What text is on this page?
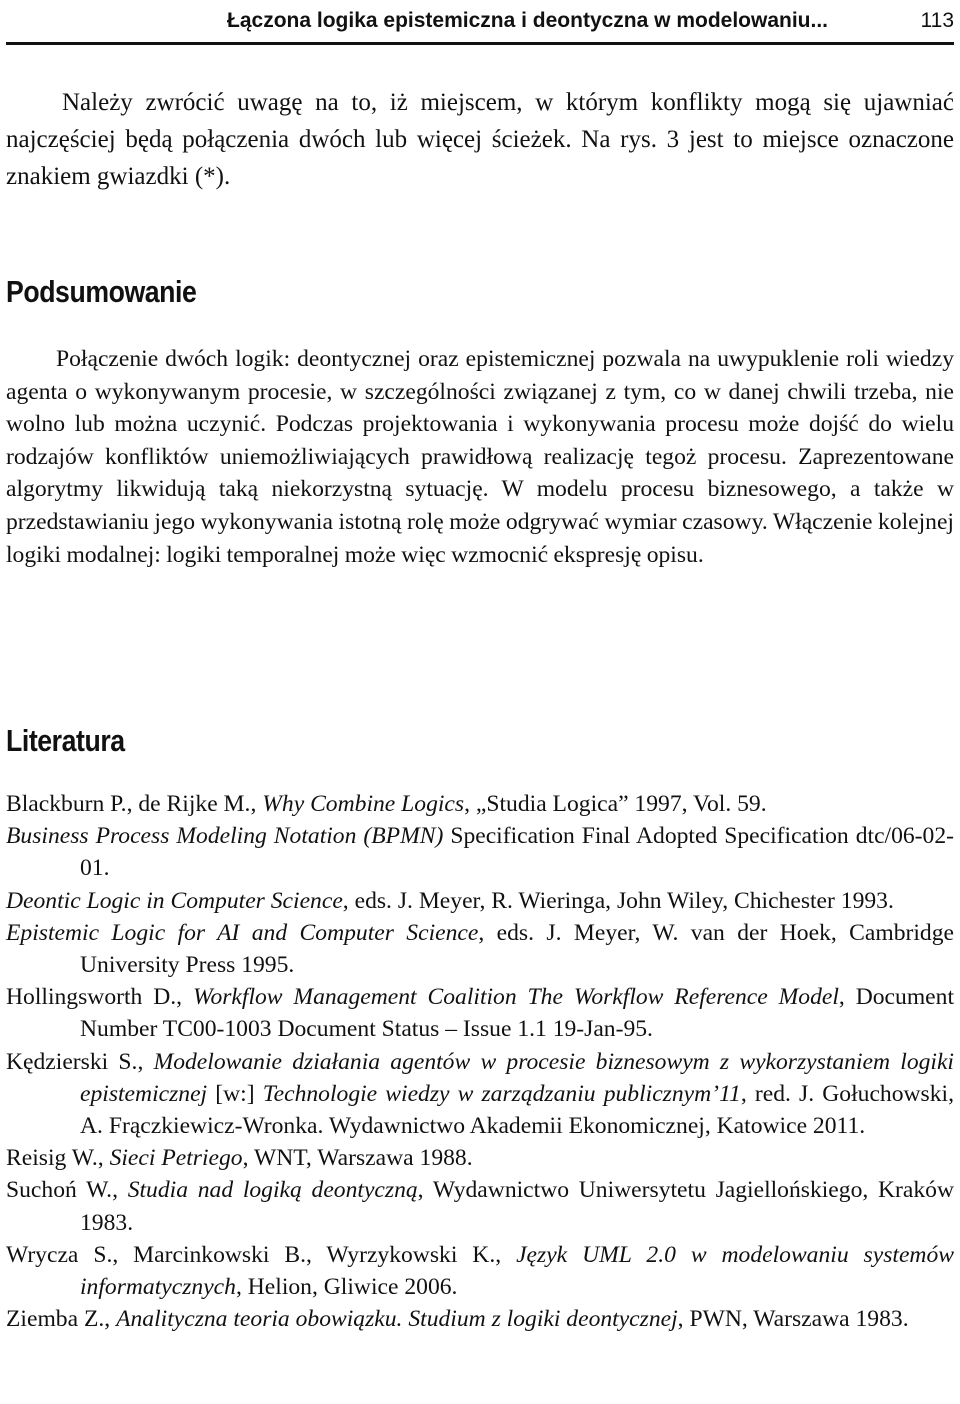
Łączona logika epistemiczna i deontyczna w modelowaniu...	113

Należy zwrócić uwagę na to, iż miejscem, w którym konflikty mogą się ujawniać najczęściej będą połączenia dwóch lub więcej ścieżek. Na rys. 3 jest to miejsce oznaczone znakiem gwiazdki (*).

Podsumowanie

Połączenie dwóch logik: deontycznej oraz epistemicznej pozwala na uwypuklenie roli wiedzy agenta o wykonywanym procesie, w szczególności związanej z tym, co w danej chwili trzeba, nie wolno lub można uczynić. Podczas projektowania i wykonywania procesu może dojść do wielu rodzajów konfliktów uniemożliwiających prawidłową realizację tegoż procesu. Zaprezentowane algorytmy likwidują taką niekorzystną sytuację. W modelu procesu biznesowego, a także w przedstawianiu jego wykonywania istotną rolę może odgrywać wymiar czasowy. Włączenie kolejnej logiki modalnej: logiki temporalnej może więc wzmocnić ekspresję opisu.

Literatura
Blackburn P., de Rijke M., Why Combine Logics, „Studia Logica” 1997, Vol. 59.
Business Process Modeling Notation (BPMN) Specification Final Adopted Specification dtc/06-02-01.
Deontic Logic in Computer Science, eds. J. Meyer, R. Wieringa, John Wiley, Chichester 1993.
Epistemic Logic for AI and Computer Science, eds. J. Meyer, W. van der Hoek, Cambridge University Press 1995.
Hollingsworth D., Workflow Management Coalition The Workflow Reference Model, Document Number TC00-1003 Document Status – Issue 1.1 19-Jan-95.
Kędzierski S., Modelowanie działania agentów w procesie biznesowym z wykorzystaniem logiki epistemicznej [w:] Technologie wiedzy w zarządzaniu publicznym’11, red. J. Gołuchowski, A. Frączkiewicz-Wronka. Wydawnictwo Akademii Ekonomicznej, Katowice 2011.
Reisig W., Sieci Petriego, WNT, Warszawa 1988.
Suchoń W., Studia nad logiką deontyczną, Wydawnictwo Uniwersytetu Jagiellońskiego, Kraków 1983.
Wrycza S., Marcinkowski B., Wyrzykowski K., Język UML 2.0 w modelowaniu systemów informatycznych, Helion, Gliwice 2006.
Ziemba Z., Analityczna teoria obowiązku. Studium z logiki deontycznej, PWN, Warszawa 1983.
